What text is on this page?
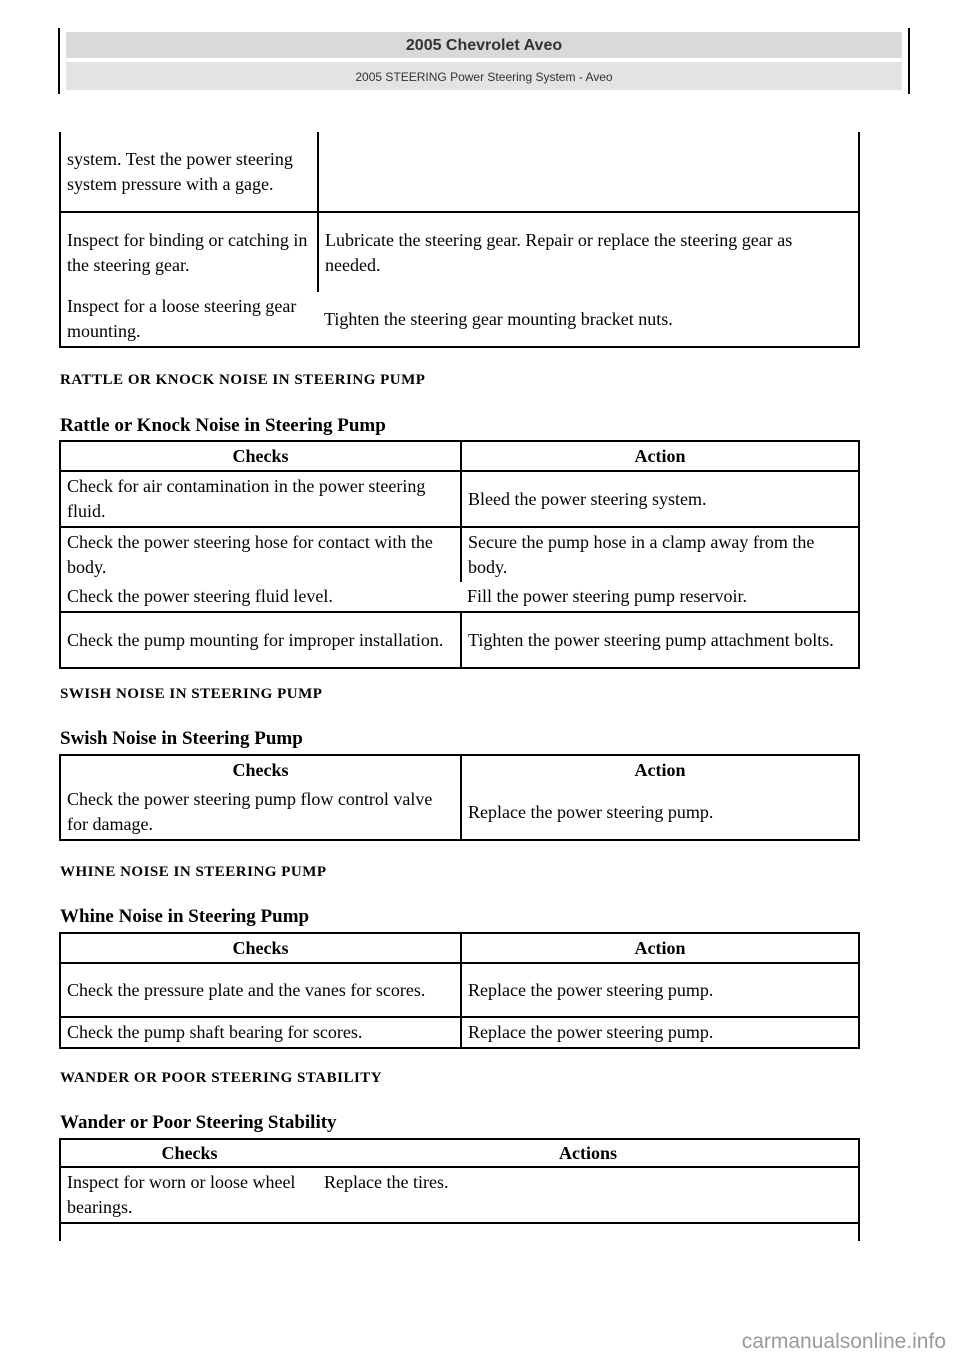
2005 Chevrolet Aveo
2005 STEERING Power Steering System - Aveo
system. Test the power steering system pressure with a gage.	
Inspect for binding or catching in the steering gear.	Lubricate the steering gear. Repair or replace the steering gear as needed.
Inspect for a loose steering gear mounting.	Tighten the steering gear mounting bracket nuts.
RATTLE OR KNOCK NOISE IN STEERING PUMP
Rattle or Knock Noise in Steering Pump
Checks	Action
Check for air contamination in the power steering fluid.	Bleed the power steering system.
Check the power steering hose for contact with the body.	Secure the pump hose in a clamp away from the body.
Check the power steering fluid level.	Fill the power steering pump reservoir.
Check the pump mounting for improper installation.	Tighten the power steering pump attachment bolts.
SWISH NOISE IN STEERING PUMP
Swish Noise in Steering Pump
Checks	Action
Check the power steering pump flow control valve for damage.	Replace the power steering pump.
WHINE NOISE IN STEERING PUMP
Whine Noise in Steering Pump
Checks	Action
Check the pressure plate and the vanes for scores.	Replace the power steering pump.
Check the pump shaft bearing for scores.	Replace the power steering pump.
WANDER OR POOR STEERING STABILITY
Wander or Poor Steering Stability
Checks	Actions
Inspect for worn or loose wheel bearings.	Replace the tires.

carmanualsonline.info
